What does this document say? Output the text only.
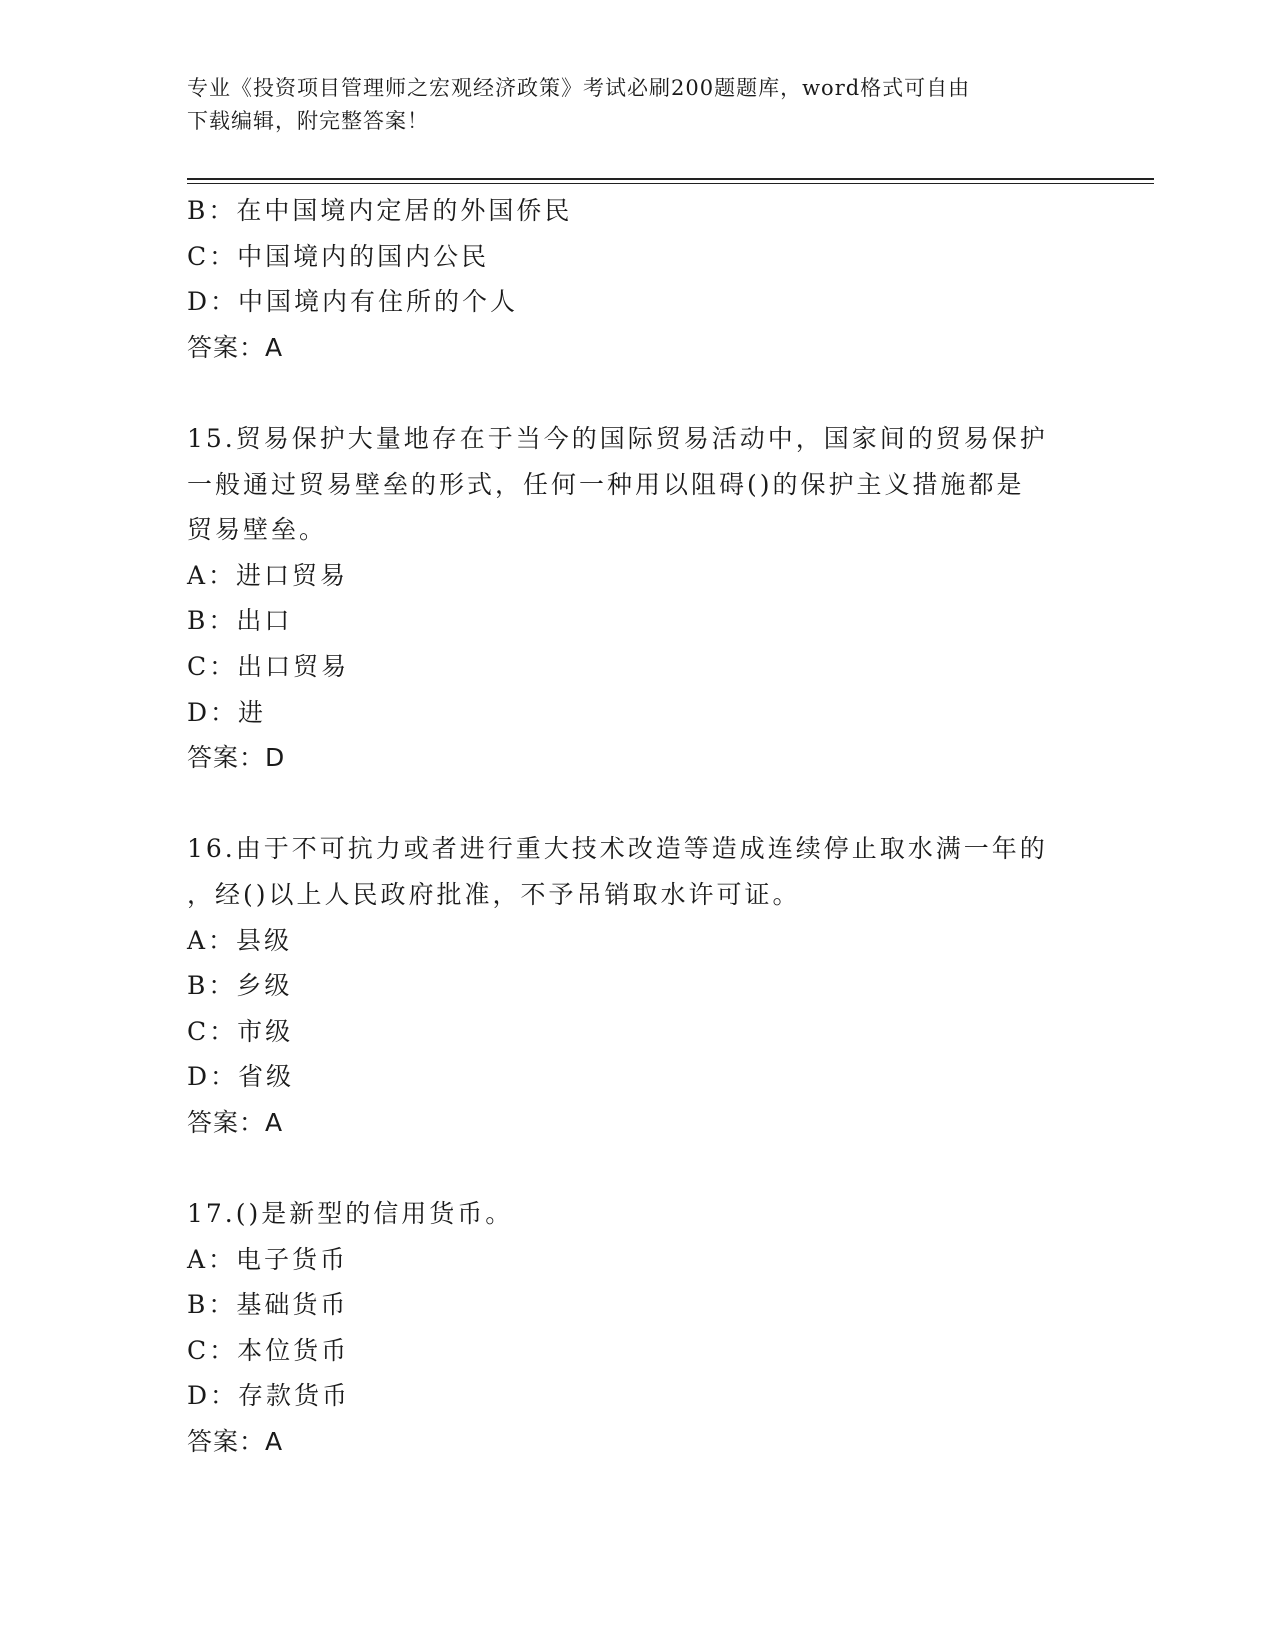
专业《投资项目管理师之宏观经济政策》考试必刷200题题库，word格式可自由
下载编辑，附完整答案！
B：在中国境内定居的外国侨民
C：中国境内的国内公民
D：中国境内有住所的个人
答案：A
15.贸易保护大量地存在于当今的国际贸易活动中，国家间的贸易保护
一般通过贸易壁垒的形式，任何一种用以阻碍()的保护主义措施都是
贸易壁垒。
A：进口贸易
B：出口
C：出口贸易
D：进
答案：D
16.由于不可抗力或者进行重大技术改造等造成连续停止取水满一年的
，经()以上人民政府批准，不予吊销取水许可证。
A：县级
B：乡级
C：市级
D：省级
答案：A
17.()是新型的信用货币。
A：电子货币
B：基础货币
C：本位货币
D：存款货币
答案：A
